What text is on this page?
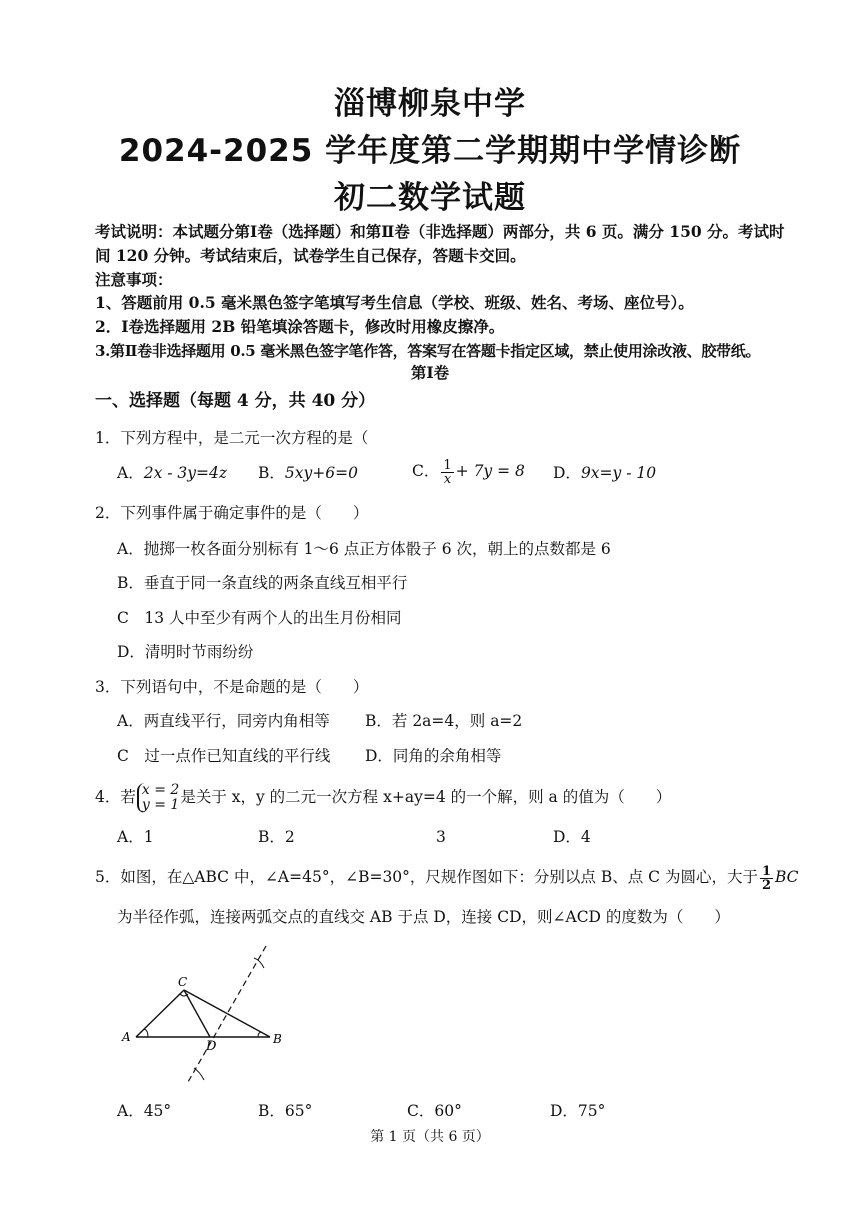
淄博柳泉中学
2024-2025 学年度第二学期期中学情诊断
初二数学试题
考试说明：本试题分第Ⅰ卷（选择题）和第Ⅱ卷（非选择题）两部分，共 6 页。满分 150 分。考试时
间 120 分钟。考试结束后，试卷学生自己保存，答题卡交回。
注意事项：
1、答题前用 0.5 毫米黑色签字笔填写考生信息（学校、班级、姓名、考场、座位号）。
2．Ⅰ卷选择题用 2B 铅笔填涂答题卡，修改时用橡皮擦净。
3.第Ⅱ卷非选择题用 0.5 毫米黑色签字笔作答，答案写在答题卡指定区域，禁止使用涂改液、胶带纸。
第Ⅰ卷
一、选择题（每题 4 分，共 40 分）
1．下列方程中，是二元一次方程的是（
A．2x - 3y=4z B．5xy+6=0	C． $\frac{1}{x} + 7y = 8$ D．9x=y - 10
2．下列事件属于确定事件的是（　　）
A．抛掷一枚各面分别标有 1～6 点正方体骰子 6 次，朝上的点数都是 6
B．垂直于同一条直线的两条直线互相平行
C　13 人中至少有两个人的出生月份相同
D．清明时节雨纷纷
3．下列语句中，不是命题的是（　　）
A．两直线平行，同旁内角相等 B．若 2a=4，则 a=2
C　过一点作已知直线的平行线 D．同角的余角相等
4．若 x = 2
y = 1 是关于 x，y 的二元一次方程 x+ay=4 的一个解，则 a 的值为（　　）
A．1	B．2	3	D．4
5．如图，在△ABC 中，∠A=45°，∠B=30°，尺规作图如下：分别以点 B、点 C 为圆心，大于 $\frac{1}{2}$ BC
为半径作弧，连接两弧交点的直线交 AB 于点 D，连接 CD，则∠ACD 的度数为（　　）
A	B
C
D
A．45°	B．65°	C．60°	D．75°
第 1 页（共 6 页）
